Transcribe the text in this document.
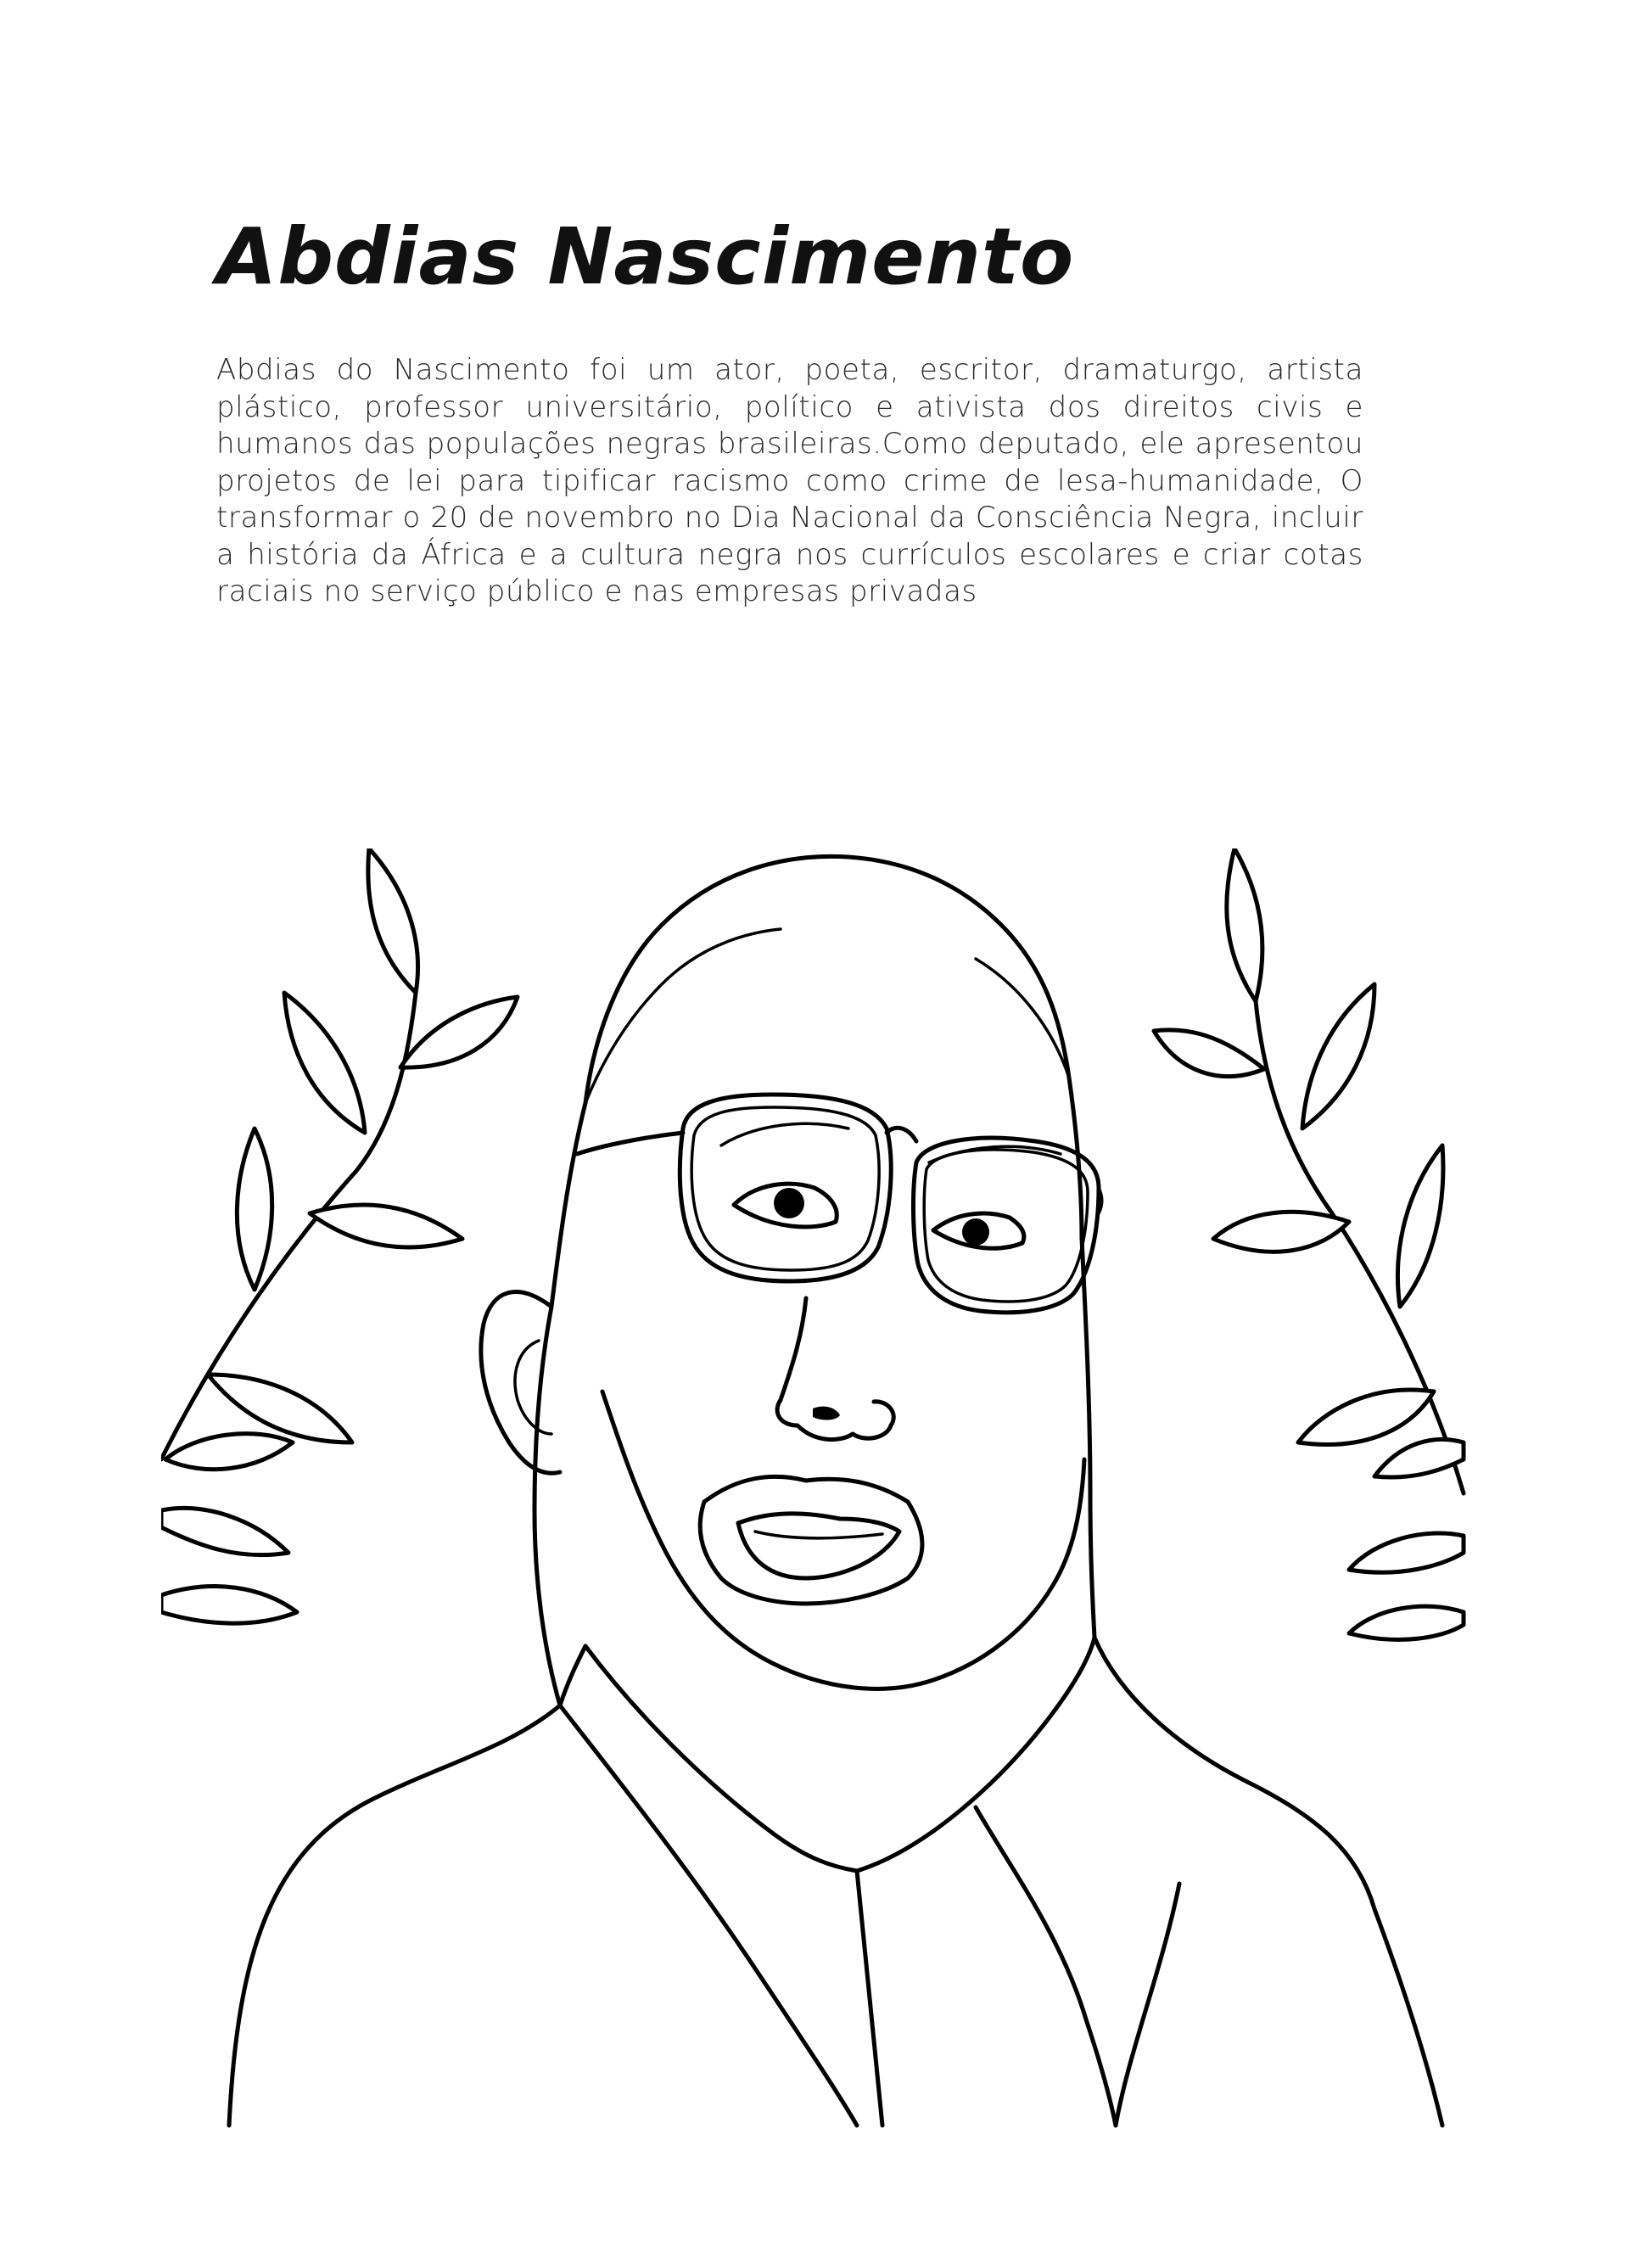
Abdias Nascimento

Abdias do Nascimento foi um ator, poeta, escritor, dramaturgo, artista plástico, professor universitário, político e ativista dos direitos civis e humanos das populações negras brasileiras.Como deputado, ele apresentou projetos de lei para tipificar racismo como crime de lesa-humanidade, O transformar o 20 de novembro no Dia Nacional da Consciência Negra, incluir a história da África e a cultura negra nos currículos escolares e criar cotas raciais no serviço público e nas empresas privadas
